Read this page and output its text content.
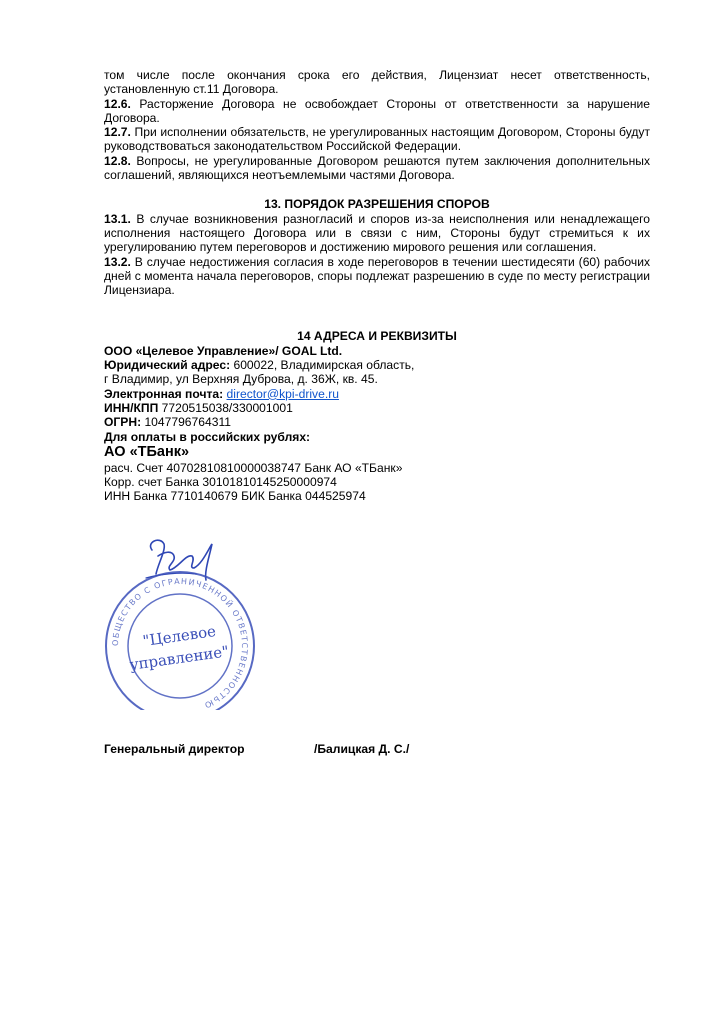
том числе после окончания срока его действия, Лицензиат несет ответственность, установленную ст.11 Договора.

12.6. Расторжение Договора не освобождает Стороны от ответственности за нарушение Договора.

12.7. При исполнении обязательств, не урегулированных настоящим Договором, Стороны будут руководствоваться законодательством Российской Федерации.

12.8. Вопросы, не урегулированные Договором решаются путем заключения дополнительных соглашений, являющихся неотъемлемыми частями Договора.

13. ПОРЯДОК РАЗРЕШЕНИЯ СПОРОВ

13.1. В случае возникновения разногласий и споров из-за неисполнения или ненадлежащего исполнения настоящего Договора или в связи с ним, Стороны будут стремиться к их урегулированию путем переговоров и достижению мирового решения или соглашения.

13.2. В случае недостижения согласия в ходе переговоров в течении шестидесяти (60) рабочих дней с момента начала переговоров, споры подлежат разрешению в суде по месту регистрации Лицензиара.

14 АДРЕСА И РЕКВИЗИТЫ

ООО «Целевое Управление»/ GOAL Ltd.

Юридический адрес: 600022, Владимирская область,

г Владимир, ул Верхняя Дуброва, д. 36Ж, кв. 45.

Электронная почта: director@kpi-drive.ru

ИНН/КПП 7720515038/330001001

ОГРН: 1047796764311

Для оплаты в российских рублях:

АО «ТБанк»

расч. Счет 40702810810000038747 Банк АО «ТБанк»

Корр. счет Банка 30101810145250000974

ИНН Банка 7710140679 БИК Банка 044525974

ОБЩЕСТВО С ОГРАНИЧЕННОЙ ОТВЕТСТВЕННОСТЬЮ
"Целевое
управление"
Генеральный директор	/Балицкая Д. С./
